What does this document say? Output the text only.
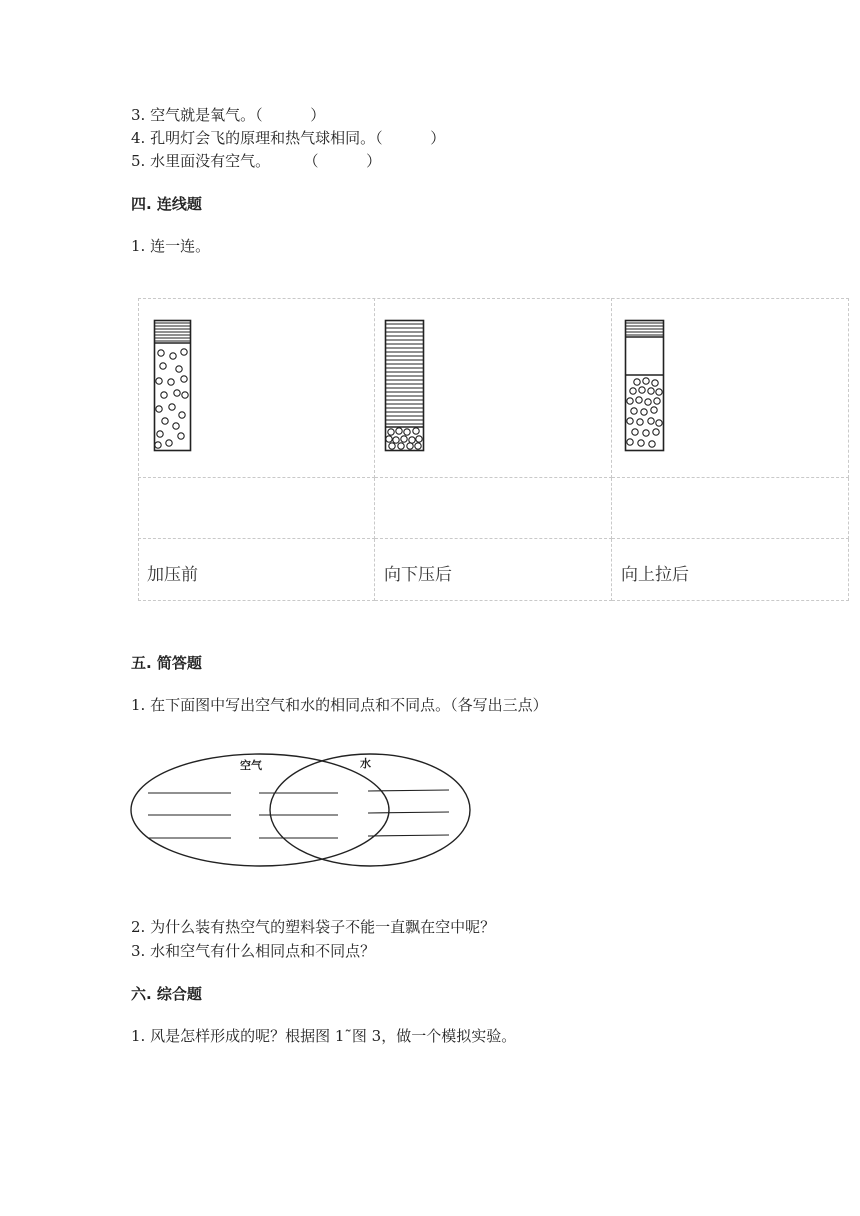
3. 空气就是氧气。（          ）
4. 孔明灯会飞的原理和热气球相同。（          ）
5. 水里面没有空气。       （          ）
四. 连线题
1. 连一连。
加压前	向下压后	向上拉后
五. 简答题
1. 在下面图中写出空气和水的相同点和不同点。（各写出三点）
空气	水
2. 为什么装有热空气的塑料袋子不能一直飘在空中呢？
3. 水和空气有什么相同点和不同点？
六. 综合题
1. 风是怎样形成的呢？根据图 1˜图 3，做一个模拟实验。
